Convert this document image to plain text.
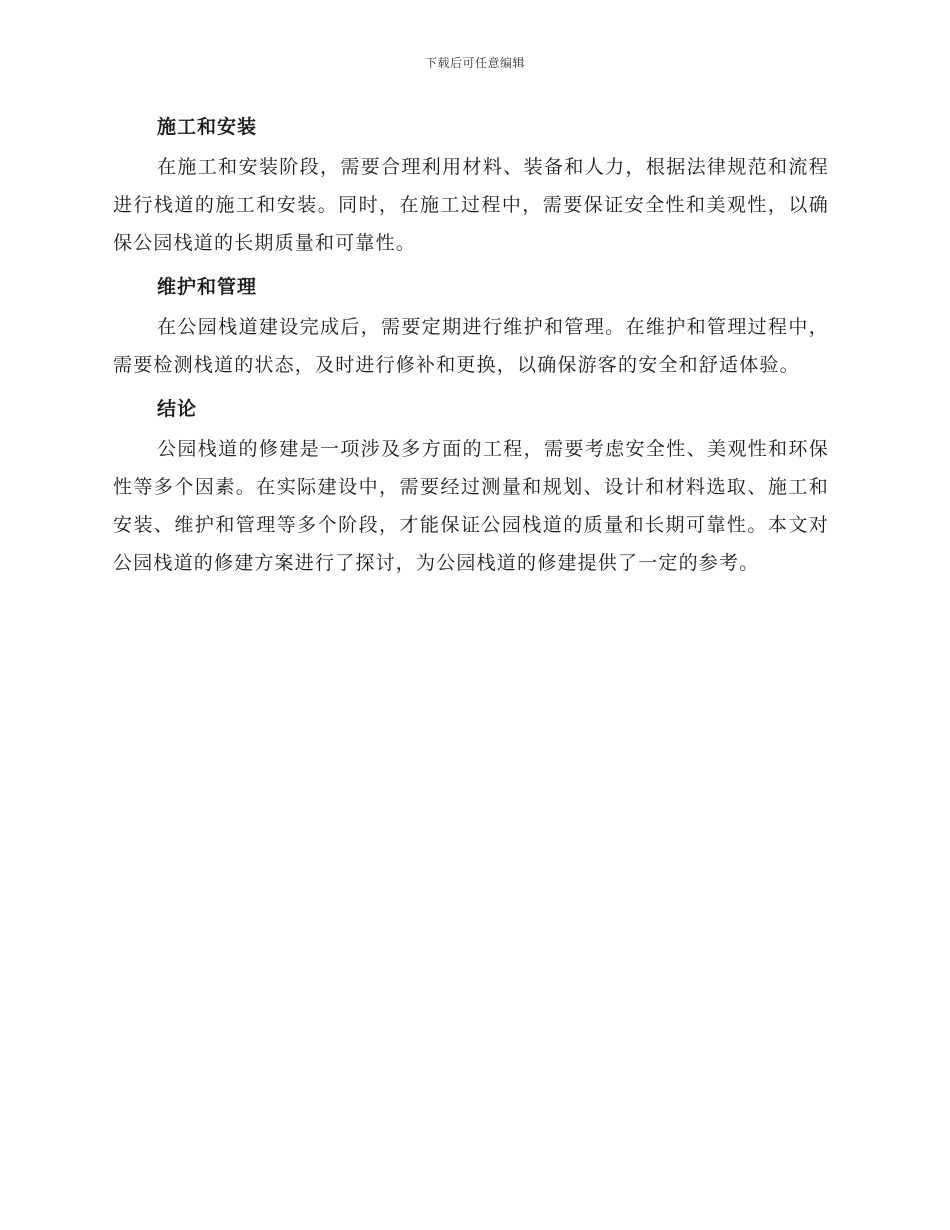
下载后可任意编辑
施工和安装

在施工和安装阶段，需要合理利用材料、装备和人力，根据法律规范和流程进行栈道的施工和安装。同时，在施工过程中，需要保证安全性和美观性，以确保公园栈道的长期质量和可靠性。

维护和管理

在公园栈道建设完成后，需要定期进行维护和管理。在维护和管理过程中，需要检测栈道的状态，及时进行修补和更换，以确保游客的安全和舒适体验。

结论

公园栈道的修建是一项涉及多方面的工程，需要考虑安全性、美观性和环保性等多个因素。在实际建设中，需要经过测量和规划、设计和材料选取、施工和安装、维护和管理等多个阶段，才能保证公园栈道的质量和长期可靠性。本文对公园栈道的修建方案进行了探讨，为公园栈道的修建提供了一定的参考。
